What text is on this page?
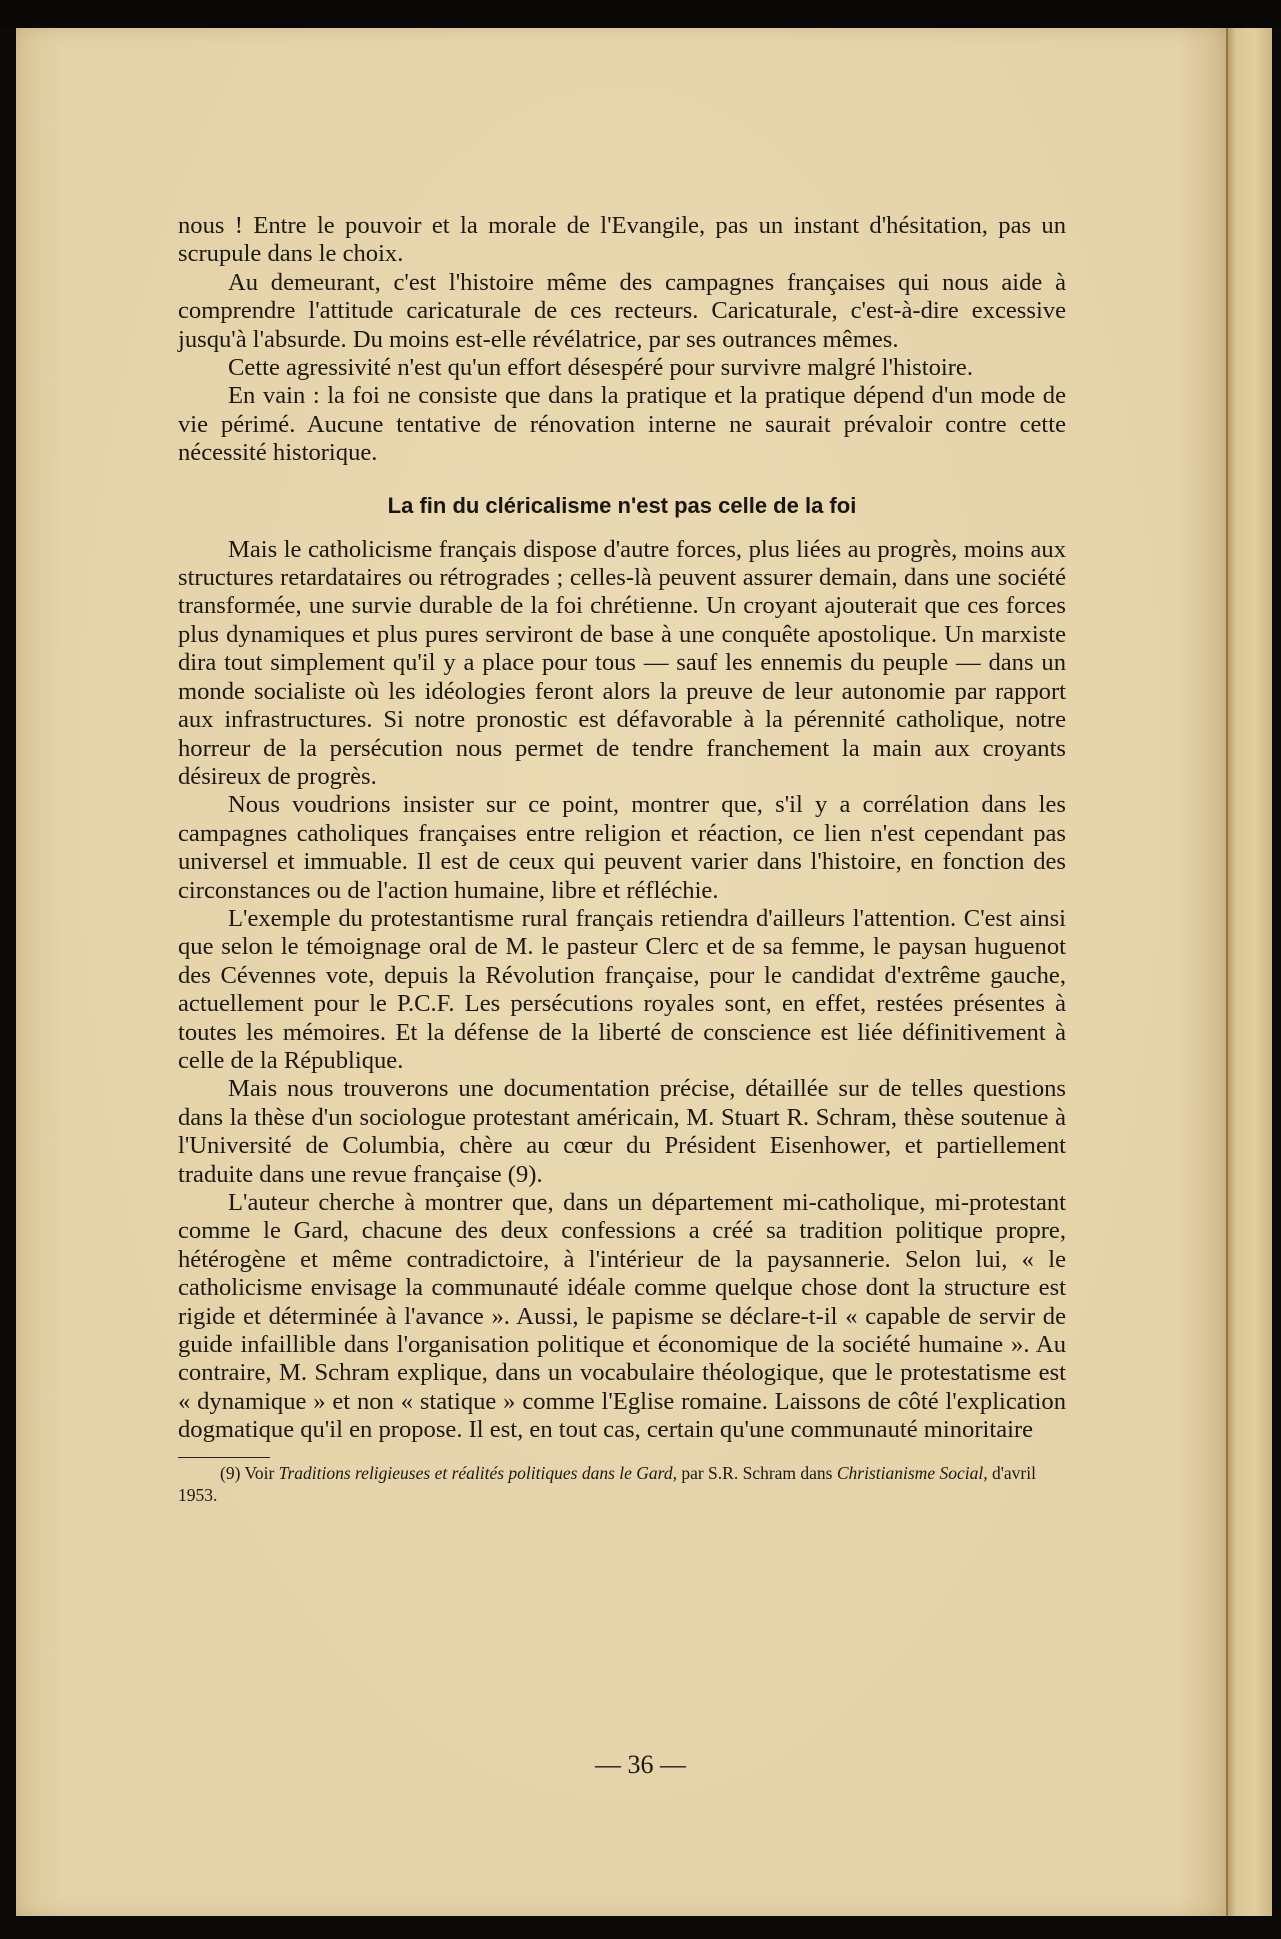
nous ! Entre le pouvoir et la morale de l'Evangile, pas un instant d'hésitation, pas un scrupule dans le choix.

Au demeurant, c'est l'histoire même des campagnes françaises qui nous aide à comprendre l'attitude caricaturale de ces recteurs. Caricaturale, c'est-à-dire excessive jusqu'à l'absurde. Du moins est-elle révélatrice, par ses outrances mêmes.

Cette agressivité n'est qu'un effort désespéré pour survivre malgré l'histoire.

En vain : la foi ne consiste que dans la pratique et la pratique dépend d'un mode de vie périmé. Aucune tentative de rénovation interne ne saurait prévaloir contre cette nécessité historique.

La fin du cléricalisme n'est pas celle de la foi

Mais le catholicisme français dispose d'autre forces, plus liées au progrès, moins aux structures retardataires ou rétrogrades ; celles-là peuvent assurer demain, dans une société transformée, une survie durable de la foi chrétienne. Un croyant ajouterait que ces forces plus dynamiques et plus pures serviront de base à une conquête apostolique. Un marxiste dira tout simplement qu'il y a place pour tous — sauf les ennemis du peuple — dans un monde socialiste où les idéologies feront alors la preuve de leur autonomie par rapport aux infrastructures. Si notre pronostic est défavorable à la pérennité catholique, notre horreur de la persécution nous permet de tendre franchement la main aux croyants désireux de progrès.

Nous voudrions insister sur ce point, montrer que, s'il y a corrélation dans les campagnes catholiques françaises entre religion et réaction, ce lien n'est cependant pas universel et immuable. Il est de ceux qui peuvent varier dans l'histoire, en fonction des circonstances ou de l'action humaine, libre et réfléchie.

L'exemple du protestantisme rural français retiendra d'ailleurs l'attention. C'est ainsi que selon le témoignage oral de M. le pasteur Clerc et de sa femme, le paysan huguenot des Cévennes vote, depuis la Révolution française, pour le candidat d'extrême gauche, actuellement pour le P.C.F. Les persécutions royales sont, en effet, restées présentes à toutes les mémoires. Et la défense de la liberté de conscience est liée définitivement à celle de la République.

Mais nous trouverons une documentation précise, détaillée sur de telles questions dans la thèse d'un sociologue protestant américain, M. Stuart R. Schram, thèse soutenue à l'Université de Columbia, chère au cœur du Président Eisenhower, et partiellement traduite dans une revue française (9).

L'auteur cherche à montrer que, dans un département mi-catholique, mi-protestant comme le Gard, chacune des deux confessions a créé sa tradition politique propre, hétérogène et même contradictoire, à l'intérieur de la paysannerie. Selon lui, « le catholicisme envisage la communauté idéale comme quelque chose dont la structure est rigide et déterminée à l'avance ». Aussi, le papisme se déclare-t-il « capable de servir de guide infaillible dans l'organisation politique et économique de la société humaine ». Au contraire, M. Schram explique, dans un vocabulaire théologique, que le protestatisme est « dynamique » et non « statique » comme l'Eglise romaine. Laissons de côté l'explication dogmatique qu'il en propose. Il est, en tout cas, certain qu'une communauté minoritaire

(9) Voir Traditions religieuses et réalités politiques dans le Gard, par S.R. Schram dans Christianisme Social, d'avril 1953.

— 36 —
